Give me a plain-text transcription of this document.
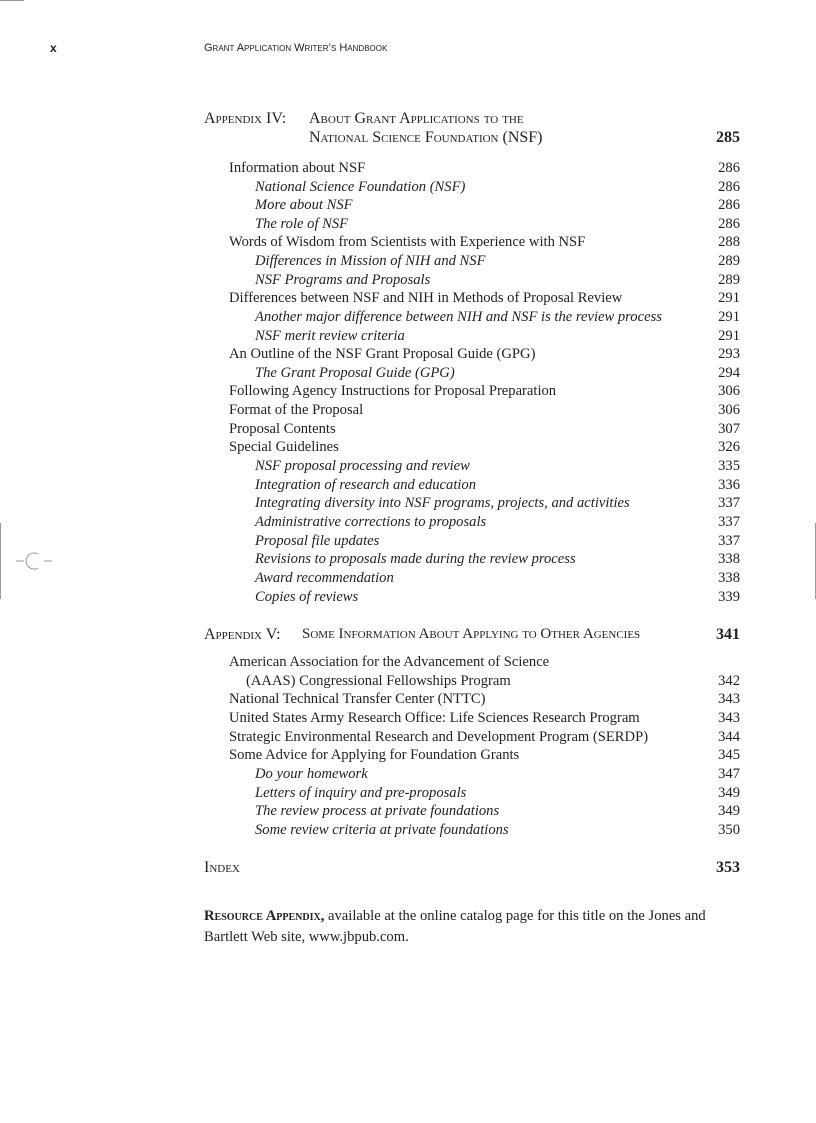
x	Grant Application Writer’s Handbook
Appendix IV: About Grant Applications to the
National Science Foundation (NSF)	285
Information about NSF	286
National Science Foundation (NSF)	286
More about NSF	286
The role of NSF	286
Words of Wisdom from Scientists with Experience with NSF	288
Differences in Mission of NIH and NSF	289
NSF Programs and Proposals	289
Differences between NSF and NIH in Methods of Proposal Review	291
Another major difference between NIH and NSF is the review process	291
NSF merit review criteria	291
An Outline of the NSF Grant Proposal Guide (GPG)	293
The Grant Proposal Guide (GPG)	294
Following Agency Instructions for Proposal Preparation	306
Format of the Proposal	306
Proposal Contents	307
Special Guidelines	326
NSF proposal processing and review	335
Integration of research and education	336
Integrating diversity into NSF programs, projects, and activities	337
Administrative corrections to proposals	337
Proposal file updates	337
Revisions to proposals made during the review process	338
Award recommendation	338
Copies of reviews	339
Appendix V: Some Information About Applying to Other Agencies	341
American Association for the Advancement of Science
(AAAS) Congressional Fellowships Program	342
National Technical Transfer Center (NTTC)	343
United States Army Research Office: Life Sciences Research Program	343
Strategic Environmental Research and Development Program (SERDP)	344
Some Advice for Applying for Foundation Grants	345
Do your homework	347
Letters of inquiry and pre-proposals	349
The review process at private foundations	349
Some review criteria at private foundations	350
Index	353
Resource Appendix, available at the online catalog page for this title on the Jones and Bartlett Web site, www.jbpub.com.
